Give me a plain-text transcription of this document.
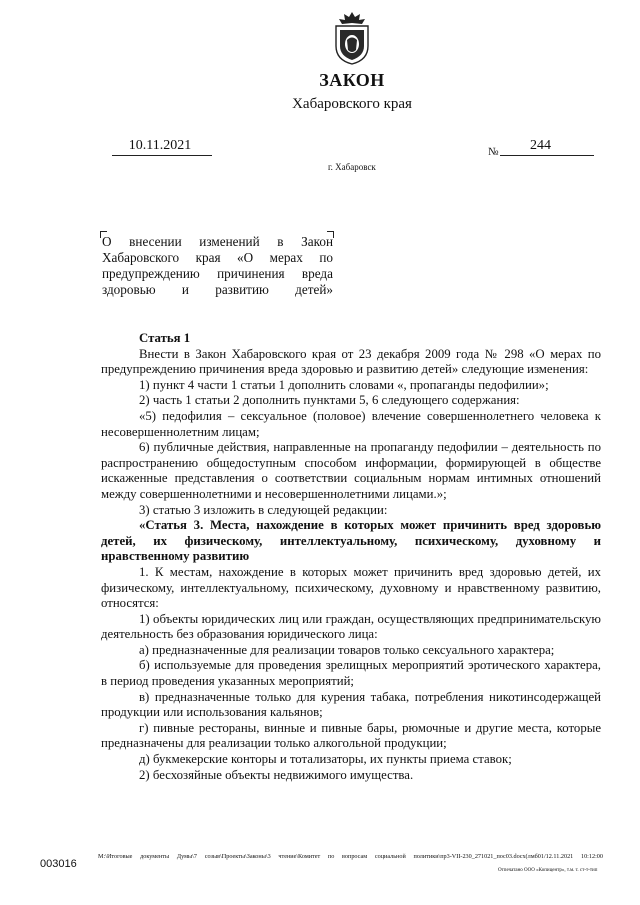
ЗАКОН
Хабаровского края
10.11.2021	№ 244
г. Хабаровск
О внесении изменений в Закон Хабаровского края «О мерах по предупреждению причинения вреда здоровью и развитию детей»

Статья 1

Внести в Закон Хабаровского края от 23 декабря 2009 года № 298 «О мерах по предупреждению причинения вреда здоровью и развитию детей» следующие изменения:

1) пункт 4 части 1 статьи 1 дополнить словами «, пропаганды педофилии»;

2) часть 1 статьи 2 дополнить пунктами 5, 6 следующего содержания:

«5) педофилия – сексуальное (половое) влечение совершеннолетнего человека к несовершеннолетним лицам;

6) публичные действия, направленные на пропаганду педофилии – деятельность по распространению общедоступным способом информации, формирующей в обществе искаженные представления о соответствии социальным нормам интимных отношений между совершеннолетними и несовершеннолетними лицами.»;

3) статью 3 изложить в следующей редакции:

«Статья 3. Места, нахождение в которых может причинить вред здоровью детей, их физическому, интеллектуальному, психическому, духовному и нравственному развитию

1. К местам, нахождение в которых может причинить вред здоровью детей, их физическому, интеллектуальному, психическому, духовному и нравственному развитию, относятся:

1) объекты юридических лиц или граждан, осуществляющих предпринимательскую деятельность без образования юридического лица:

а) предназначенные для реализации товаров только сексуального характера;

б) используемые для проведения зрелищных мероприятий эротического характера, в период проведения указанных мероприятий;

в) предназначенные только для курения табака, потребления никотинсодержащей продукции или использования кальянов;

г) пивные рестораны, винные и пивные бары, рюмочные и другие места, которые предназначены для реализации только алкогольной продукции;

д) букмекерские конторы и тотализаторы, их пункты приема ставок;

2) бесхозяйные объекты недвижимого имущества.

003016
М:\Итоговые документы Думы\7 созыв\Проекты\Законы\3 чтение\Комитет по вопросам социальной политики\пр3-VII-230_271021_пос03.docx(лмб01/12.11.2021 10:12:00
Отпечатано ООО «Копицентр», т.м. т. ст-т-тип
